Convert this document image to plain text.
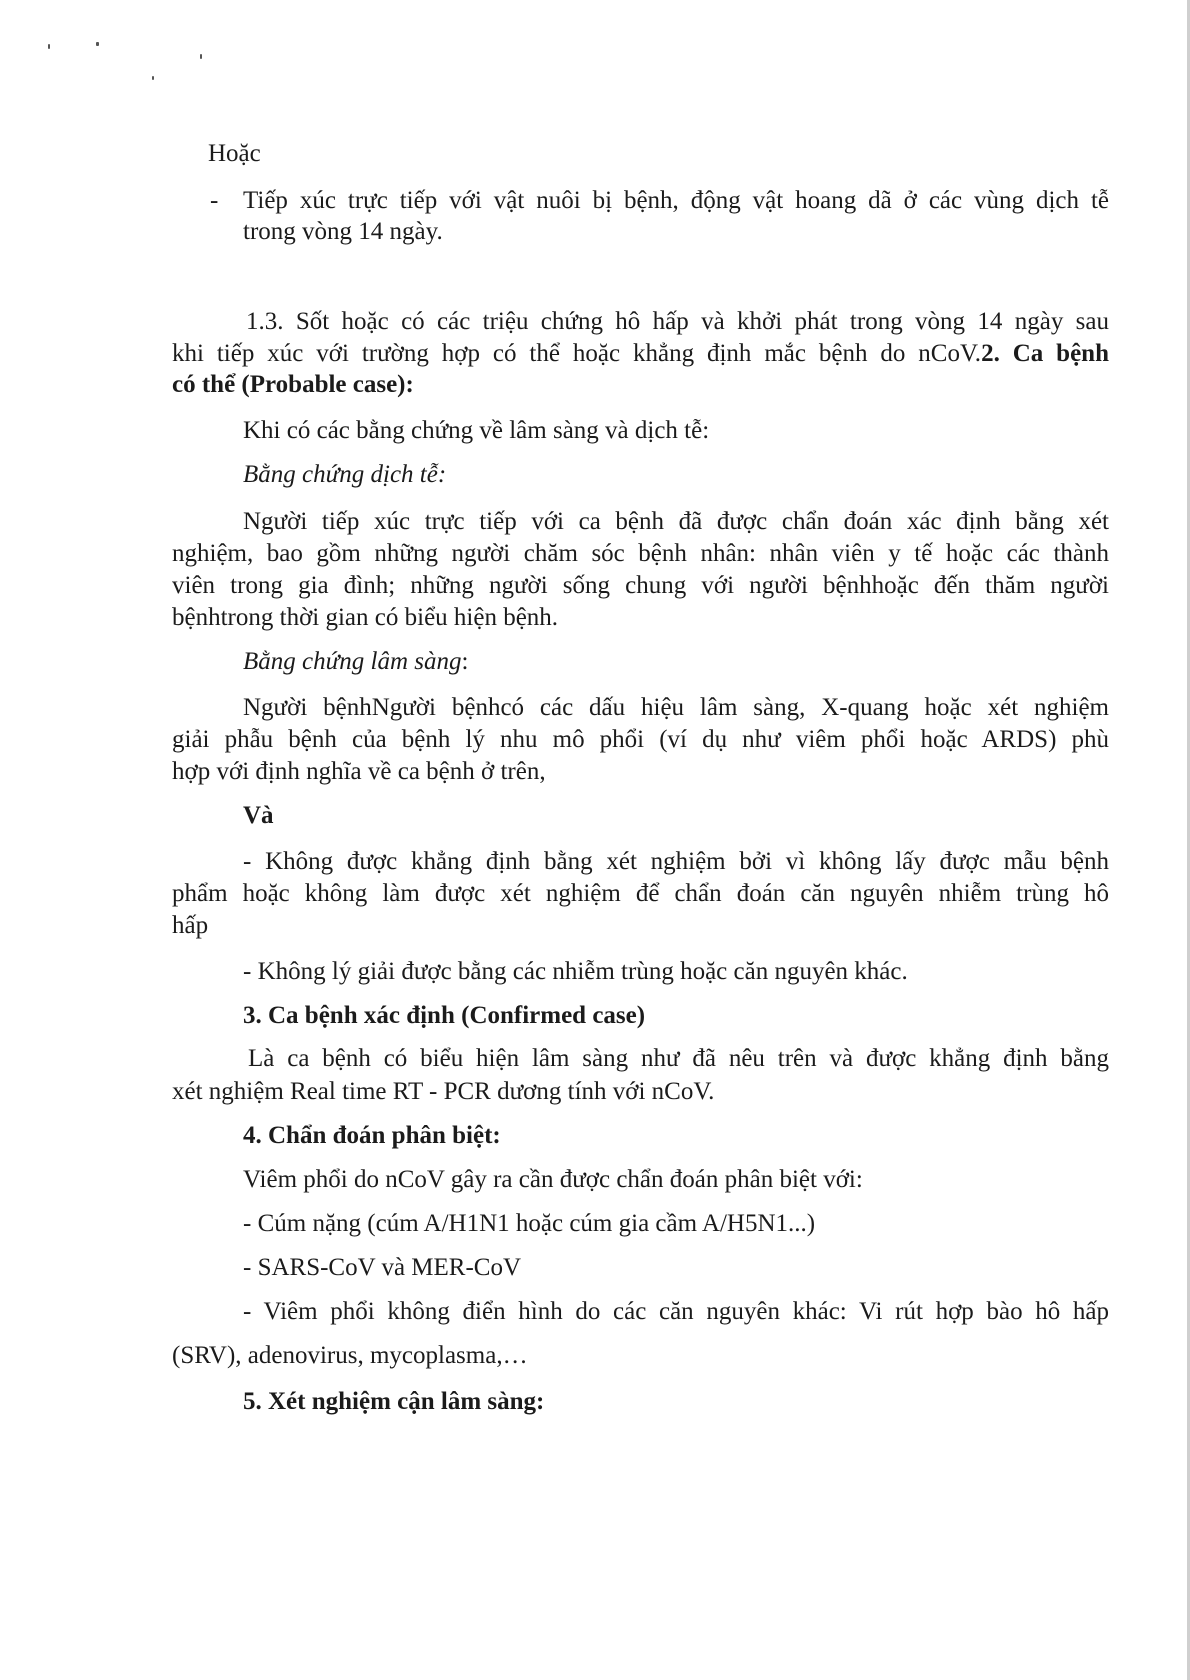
Hoặc
- Tiếp xúc trực tiếp với vật nuôi bị bệnh, động vật hoang dã ở các vùng dịch tễ
trong vòng 14 ngày.
1.3. Sốt hoặc có các triệu chứng hô hấp và khởi phát trong vòng 14 ngày sau
khi tiếp xúc với trường hợp có thể hoặc khẳng định mắc bệnh do nCoV.2. Ca bệnh
có thể (Probable case):
Khi có các bằng chứng về lâm sàng và dịch tễ:
Bằng chứng dịch tễ:
Người tiếp xúc trực tiếp với ca bệnh đã được chẩn đoán xác định bằng xét
nghiệm, bao gồm những người chăm sóc bệnh nhân: nhân viên y tế hoặc các thành
viên trong gia đình; những người sống chung với người bệnhhoặc đến thăm người
bệnhtrong thời gian có biểu hiện bệnh.
Bằng chứng lâm sàng:
Người bệnhNgười bệnhcó các dấu hiệu lâm sàng, X-quang hoặc xét nghiệm
giải phẫu bệnh của bệnh lý nhu mô phổi (ví dụ như viêm phổi hoặc ARDS) phù
hợp với định nghĩa về ca bệnh ở trên,
Và
- Không được khẳng định bằng xét nghiệm bởi vì không lấy được mẫu bệnh
phẩm hoặc không làm được xét nghiệm để chẩn đoán căn nguyên nhiễm trùng hô
hấp
- Không lý giải được bằng các nhiễm trùng hoặc căn nguyên khác.
3. Ca bệnh xác định (Confirmed case)
Là ca bệnh có biểu hiện lâm sàng như đã nêu trên và được khẳng định bằng
xét nghiệm Real time RT - PCR dương tính với nCoV.
4. Chẩn đoán phân biệt:
Viêm phổi do nCoV gây ra cần được chẩn đoán phân biệt với:
- Cúm nặng (cúm A/H1N1 hoặc cúm gia cầm A/H5N1...)
- SARS-CoV và MER-CoV
- Viêm phổi không điển hình do các căn nguyên khác: Vi rút hợp bào hô hấp
(SRV), adenovirus, mycoplasma,…
5. Xét nghiệm cận lâm sàng:
